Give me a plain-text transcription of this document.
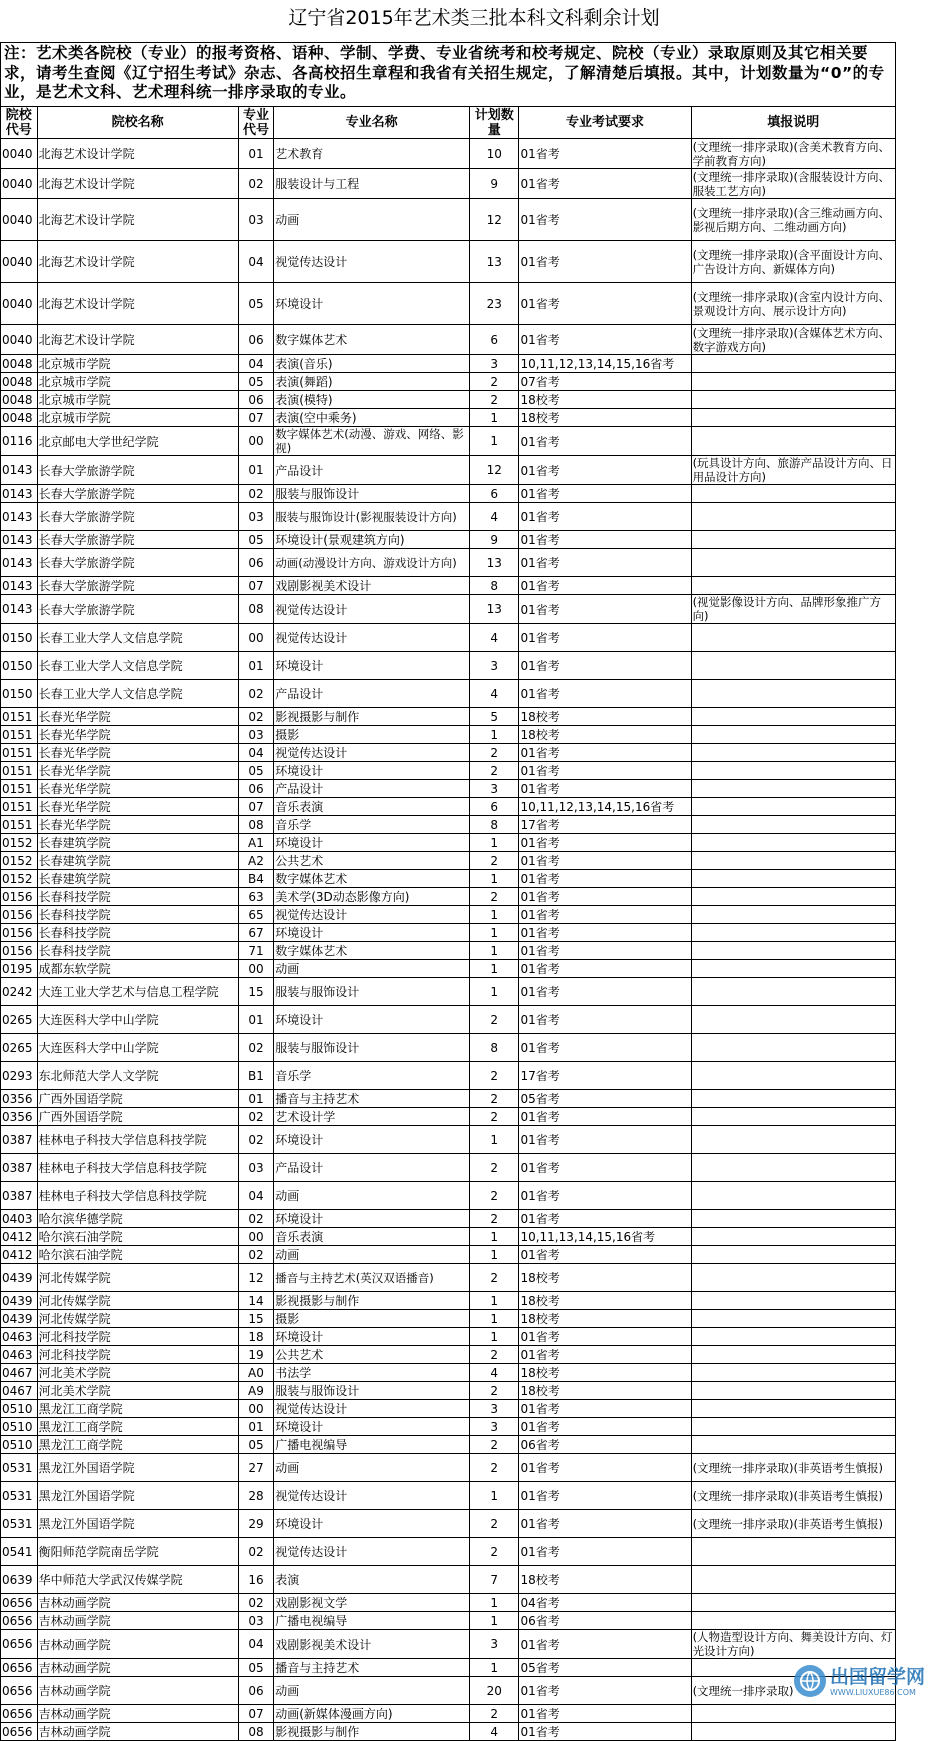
辽宁省2015年艺术类三批本科文科剩余计划
注：艺术类各院校（专业）的报考资格、语种、学制、学费、专业省统考和校考规定、院校（专业）录取原则及其它相关要求，请考生查阅《辽宁招生考试》杂志、各高校招生章程和我省有关招生规定，了解清楚后填报。其中，计划数量为“0”的专业，是艺术文科、艺术理科统一排序录取的专业。
院校代号	院校名称	专业代号	专业名称	计划数量	专业考试要求	填报说明
0040	北海艺术设计学院	01	艺术教育	10	01省考	(文理统一排序录取)(含美术教育方向、学前教育方向)
0040	北海艺术设计学院	02	服装设计与工程	9	01省考	(文理统一排序录取)(含服装设计方向、服装工艺方向)
0040	北海艺术设计学院	03	动画	12	01省考	(文理统一排序录取)(含三维动画方向、影视后期方向、二维动画方向)
0040	北海艺术设计学院	04	视觉传达设计	13	01省考	(文理统一排序录取)(含平面设计方向、广告设计方向、新媒体方向)
0040	北海艺术设计学院	05	环境设计	23	01省考	(文理统一排序录取)(含室内设计方向、景观设计方向、展示设计方向)
0040	北海艺术设计学院	06	数字媒体艺术	6	01省考	(文理统一排序录取)(含媒体艺术方向、数字游戏方向)
0048	北京城市学院	04	表演(音乐)	3	10,11,12,13,14,15,16省考	
0048	北京城市学院	05	表演(舞蹈)	2	07省考	
0048	北京城市学院	06	表演(模特)	2	18校考	
0048	北京城市学院	07	表演(空中乘务)	1	18校考	
0116	北京邮电大学世纪学院	00	数字媒体艺术(动漫、游戏、网络、影视)	1	01省考	
0143	长春大学旅游学院	01	产品设计	12	01省考	(玩具设计方向、旅游产品设计方向、日用品设计方向)
0143	长春大学旅游学院	02	服装与服饰设计	6	01省考	
0143	长春大学旅游学院	03	服装与服饰设计(影视服装设计方向)	4	01省考	
0143	长春大学旅游学院	05	环境设计(景观建筑方向)	9	01省考	
0143	长春大学旅游学院	06	动画(动漫设计方向、游戏设计方向)	13	01省考	
0143	长春大学旅游学院	07	戏剧影视美术设计	8	01省考	
0143	长春大学旅游学院	08	视觉传达设计	13	01省考	(视觉影像设计方向、品牌形象推广方向)
0150	长春工业大学人文信息学院	00	视觉传达设计	4	01省考	
0150	长春工业大学人文信息学院	01	环境设计	3	01省考	
0150	长春工业大学人文信息学院	02	产品设计	4	01省考	
0151	长春光华学院	02	影视摄影与制作	5	18校考	
0151	长春光华学院	03	摄影	1	18校考	
0151	长春光华学院	04	视觉传达设计	2	01省考	
0151	长春光华学院	05	环境设计	2	01省考	
0151	长春光华学院	06	产品设计	3	01省考	
0151	长春光华学院	07	音乐表演	6	10,11,12,13,14,15,16省考	
0151	长春光华学院	08	音乐学	8	17省考	
0152	长春建筑学院	A1	环境设计	1	01省考	
0152	长春建筑学院	A2	公共艺术	2	01省考	
0152	长春建筑学院	B4	数字媒体艺术	1	01省考	
0156	长春科技学院	63	美术学(3D动态影像方向)	2	01省考	
0156	长春科技学院	65	视觉传达设计	1	01省考	
0156	长春科技学院	67	环境设计	1	01省考	
0156	长春科技学院	71	数字媒体艺术	1	01省考	
0195	成都东软学院	00	动画	1	01省考	
0242	大连工业大学艺术与信息工程学院	15	服装与服饰设计	1	01省考	
0265	大连医科大学中山学院	01	环境设计	2	01省考	
0265	大连医科大学中山学院	02	服装与服饰设计	8	01省考	
0293	东北师范大学人文学院	B1	音乐学	2	17省考	
0356	广西外国语学院	01	播音与主持艺术	2	05省考	
0356	广西外国语学院	02	艺术设计学	2	01省考	
0387	桂林电子科技大学信息科技学院	02	环境设计	1	01省考	
0387	桂林电子科技大学信息科技学院	03	产品设计	2	01省考	
0387	桂林电子科技大学信息科技学院	04	动画	2	01省考	
0403	哈尔滨华德学院	02	环境设计	2	01省考	
0412	哈尔滨石油学院	00	音乐表演	1	10,11,13,14,15,16省考	
0412	哈尔滨石油学院	02	动画	1	01省考	
0439	河北传媒学院	12	播音与主持艺术(英汉双语播音)	2	18校考	
0439	河北传媒学院	14	影视摄影与制作	1	18校考	
0439	河北传媒学院	15	摄影	1	18校考	
0463	河北科技学院	18	环境设计	1	01省考	
0463	河北科技学院	19	公共艺术	2	01省考	
0467	河北美术学院	A0	书法学	4	18校考	
0467	河北美术学院	A9	服装与服饰设计	2	18校考	
0510	黑龙江工商学院	00	视觉传达设计	3	01省考	
0510	黑龙江工商学院	01	环境设计	3	01省考	
0510	黑龙江工商学院	05	广播电视编导	2	06省考	
0531	黑龙江外国语学院	27	动画	2	01省考	(文理统一排序录取)(非英语考生慎报)
0531	黑龙江外国语学院	28	视觉传达设计	1	01省考	(文理统一排序录取)(非英语考生慎报)
0531	黑龙江外国语学院	29	环境设计	2	01省考	(文理统一排序录取)(非英语考生慎报)
0541	衡阳师范学院南岳学院	02	视觉传达设计	2	01省考	
0639	华中师范大学武汉传媒学院	16	表演	7	18校考	
0656	吉林动画学院	02	戏剧影视文学	1	04省考	
0656	吉林动画学院	03	广播电视编导	1	06省考	
0656	吉林动画学院	04	戏剧影视美术设计	3	01省考	(人物造型设计方向、舞美设计方向、灯光设计方向)
0656	吉林动画学院	05	播音与主持艺术	1	05省考	
0656	吉林动画学院	06	动画	20	01省考	(文理统一排序录取)
0656	吉林动画学院	07	动画(新媒体漫画方向)	2	01省考	
0656	吉林动画学院	08	影视摄影与制作	4	01省考	
出国留学网
WWW.LIUXUE86.COM
